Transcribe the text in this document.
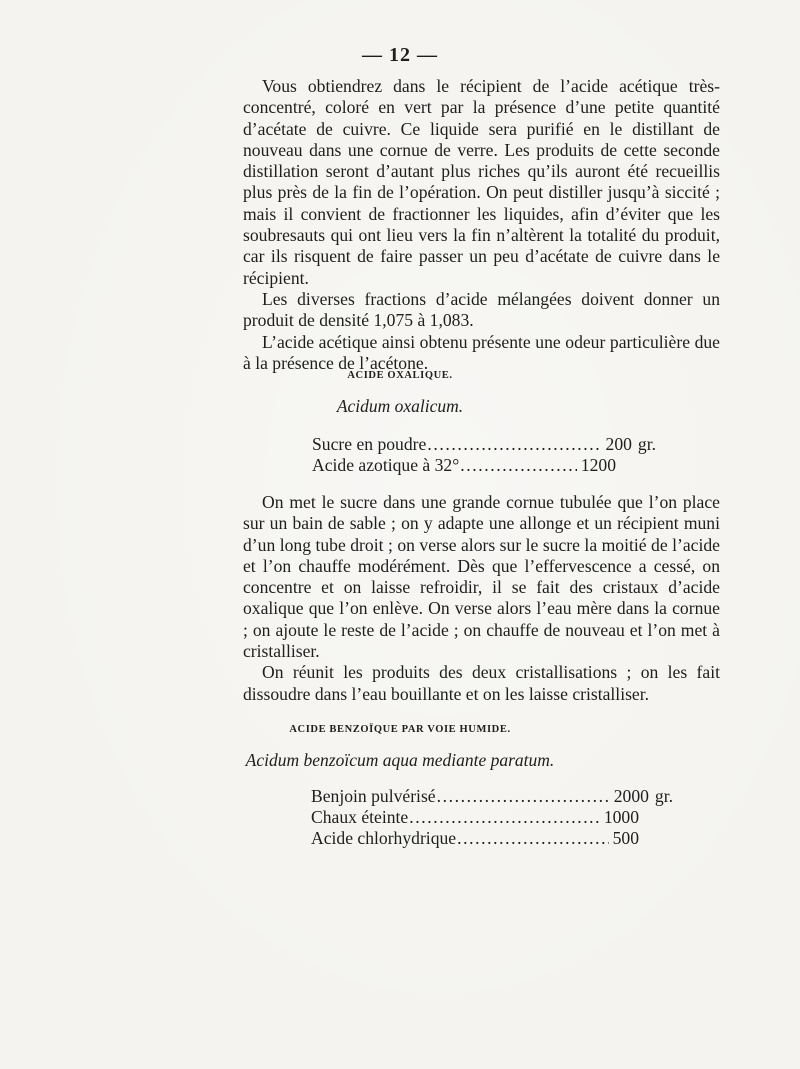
— 12 —

Vous obtiendrez dans le récipient de l’acide acétique très-concentré, coloré en vert par la présence d’une petite quantité d’acétate de cuivre. Ce liquide sera purifié en le distillant de nouveau dans une cornue de verre. Les produits de cette seconde distillation seront d’autant plus riches qu’ils auront été recueillis plus près de la fin de l’opération. On peut distiller jusqu’à siccité ; mais il convient de fractionner les liquides, afin d’éviter que les soubresauts qui ont lieu vers la fin n’altèrent la totalité du produit, car ils risquent de faire passer un peu d’acétate de cuivre dans le récipient.

Les diverses fractions d’acide mélangées doivent donner un produit de densité 1,075 à 1,083.

L’acide acétique ainsi obtenu présente une odeur particulière due à la présence de l’acétone.

ACIDE OXALIQUE.
Acidum oxalicum.
Sucre en poudre .....	200 gr.
Acide azotique à 32° .....	1200

On met le sucre dans une grande cornue tubulée que l’on place sur un bain de sable ; on y adapte une allonge et un récipient muni d’un long tube droit ; on verse alors sur le sucre la moitié de l’acide et l’on chauffe modérément. Dès que l’effervescence a cessé, on concentre et on laisse refroidir, il se fait des cristaux d’acide oxalique que l’on enlève. On verse alors l’eau mère dans la cornue ; on ajoute le reste de l’acide ; on chauffe de nouveau et l’on met à cristalliser.

On réunit les produits des deux cristallisations ; on les fait dissoudre dans l’eau bouillante et on les laisse cristalliser.

ACIDE BENZOÏQUE PAR VOIE HUMIDE.
Acidum benzoïcum aqua mediante paratum.
Benjoin pulvérisé .....	2000 gr.
Chaux éteinte .....	1000
Acide chlorhydrique .....	500
